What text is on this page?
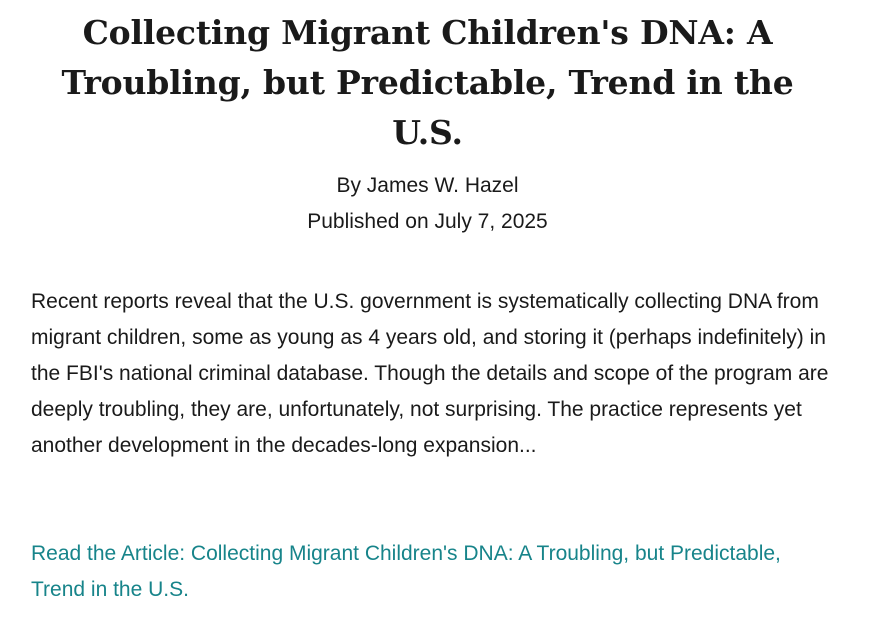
Collecting Migrant Children's DNA: A Troubling, but Predictable, Trend in the U.S.
By James W. Hazel
Published on July 7, 2025

Recent reports reveal that the U.S. government is systematically collecting DNA from migrant children, some as young as 4 years old, and storing it (perhaps indefinitely) in the FBI's national criminal database. Though the details and scope of the program are deeply troubling, they are, unfortunately, not surprising. The practice represents yet another development in the decades-long expansion...

Read the Article: Collecting Migrant Children's DNA: A Troubling, but Predictable, Trend in the U.S.
